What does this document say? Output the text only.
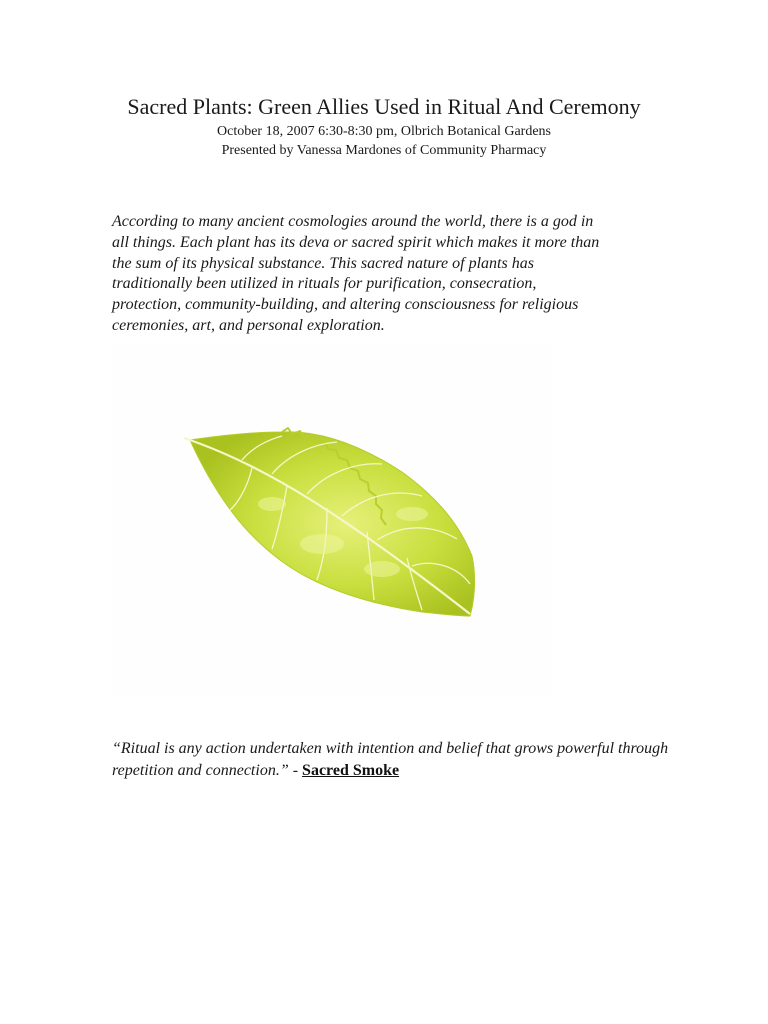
Sacred Plants: Green Allies Used in Ritual And Ceremony

October 18, 2007 6:30-8:30 pm, Olbrich Botanical Gardens

Presented by Vanessa Mardones of Community Pharmacy

According to many ancient cosmologies around the world, there is a god in
all things. Each plant has its deva or sacred spirit which makes it more than
the sum of its physical substance. This sacred nature of plants has
traditionally been utilized in rituals for purification, consecration,
protection, community-building, and altering consciousness for religious
ceremonies, art, and personal exploration.

“Ritual is any action undertaken with intention and belief that grows powerful through repetition and connection.” - Sacred Smoke
